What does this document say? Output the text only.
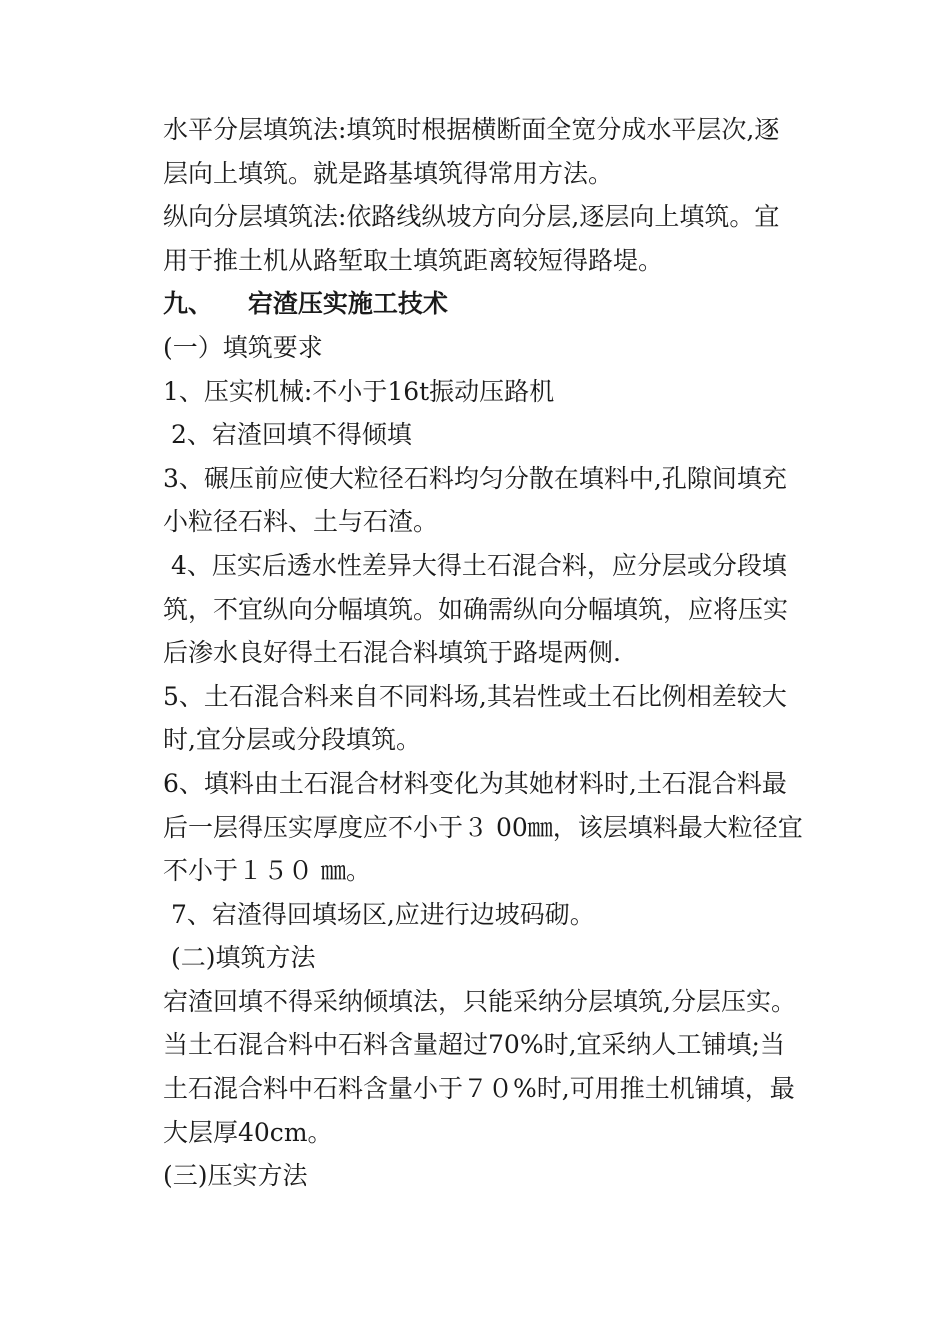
水平分层填筑法:填筑时根据横断面全宽分成水平层次,逐

层向上填筑。就是路基填筑得常用方法。

纵向分层填筑法:依路线纵坡方向分层,逐层向上填筑。宜

用于推土机从路堑取土填筑距离较短得路堤。

九、    宕渣压实施工技术

(一）填筑要求

1、压实机械:不小于16t振动压路机

2、宕渣回填不得倾填

3、碾压前应使大粒径石料均匀分散在填料中,孔隙间填充

小粒径石料、土与石渣。

4、压实后透水性差异大得土石混合料，应分层或分段填

筑，不宜纵向分幅填筑。如确需纵向分幅填筑，应将压实

后渗水良好得土石混合料填筑于路堤两侧.

5、土石混合料来自不同料场,其岩性或土石比例相差较大

时,宜分层或分段填筑。

6、填料由土石混合材料变化为其她材料时,土石混合料最

后一层得压实厚度应不小于３ 00㎜，该层填料最大粒径宜

不小于１５０ ㎜。

7、宕渣得回填场区,应进行边坡码砌。

(二)填筑方法

宕渣回填不得采纳倾填法，只能采纳分层填筑,分层压实。

当土石混合料中石料含量超过70%时,宜采纳人工铺填;当

土石混合料中石料含量小于７０%时,可用推土机铺填，最

大层厚40cm。

(三)压实方法
